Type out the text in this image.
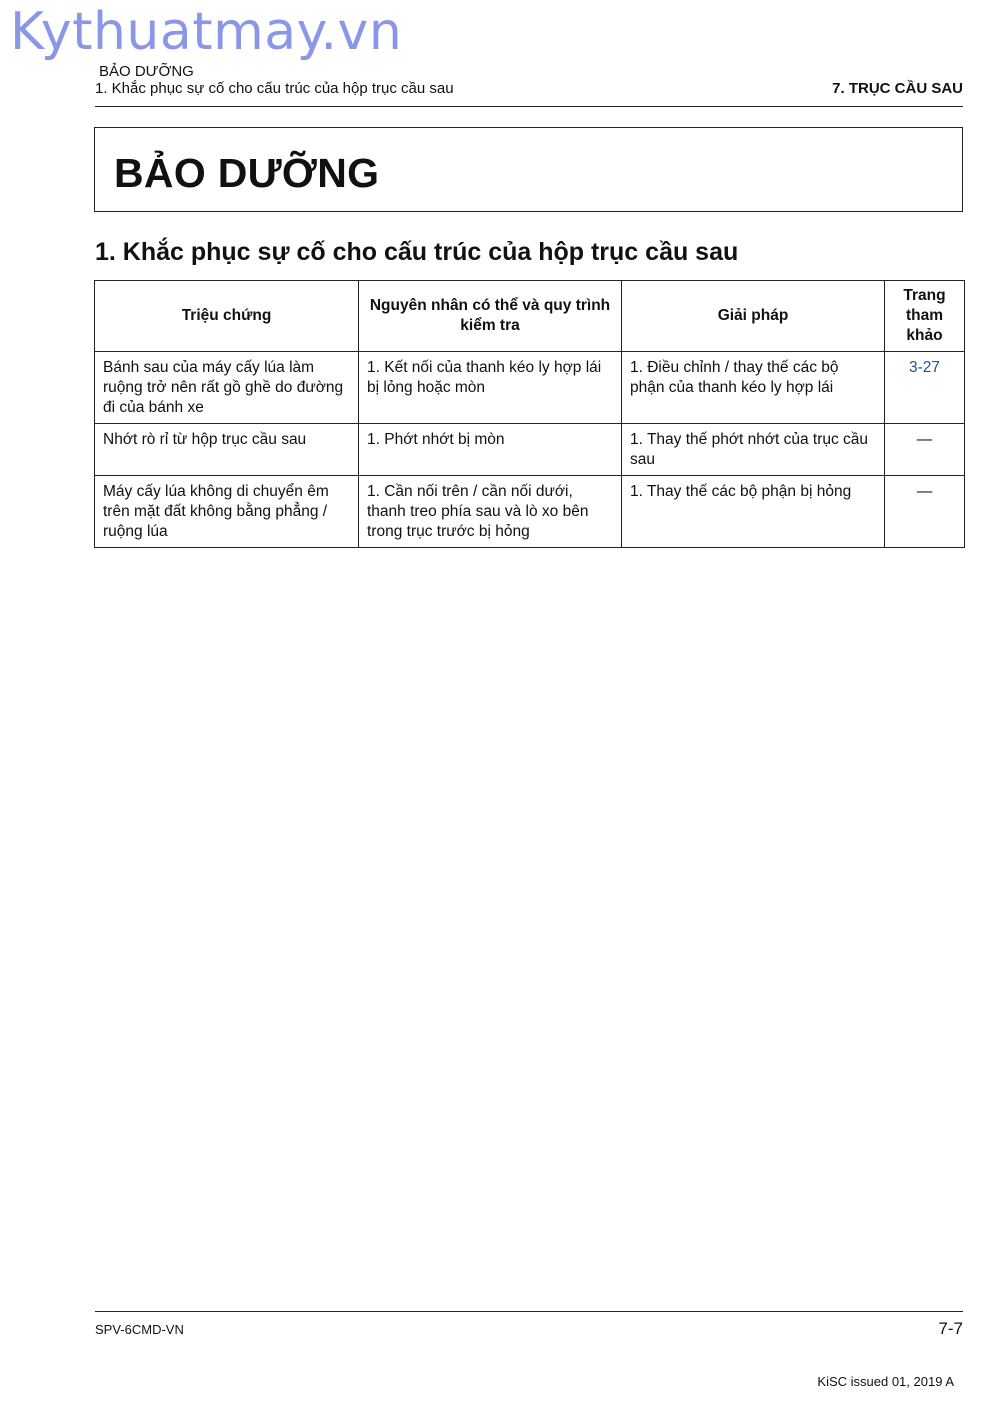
Kythuatmay.vn
BẢO DƯỠNG
1. Khắc phục sự cố cho cấu trúc của hộp trục cầu sau	7. TRỤC CẦU SAU
BẢO DƯỠNG
1. Khắc phục sự cố cho cấu trúc của hộp trục cầu sau
Triệu chứng	Nguyên nhân có thể và quy trình kiểm tra	Giải pháp	Trang tham khảo
Bánh sau của máy cấy lúa làm ruộng trở nên rất gồ ghề do đường đi của bánh xe	1. Kết nối của thanh kéo ly hợp lái bị lỏng hoặc mòn	1. Điều chỉnh / thay thế các bộ phận của thanh kéo ly hợp lái	3-27
Nhớt rò rỉ từ hộp trục cầu sau	1. Phớt nhớt bị mòn	1. Thay thế phớt nhớt của trục cầu sau	—
Máy cấy lúa không di chuyển êm trên mặt đất không bằng phẳng / ruộng lúa	1. Cần nối trên / cần nối dưới, thanh treo phía sau và lò xo bên trong trục trước bị hỏng	1. Thay thế các bộ phận bị hỏng	—
SPV-6CMD-VN	7-7
KiSC issued 01, 2019 A
